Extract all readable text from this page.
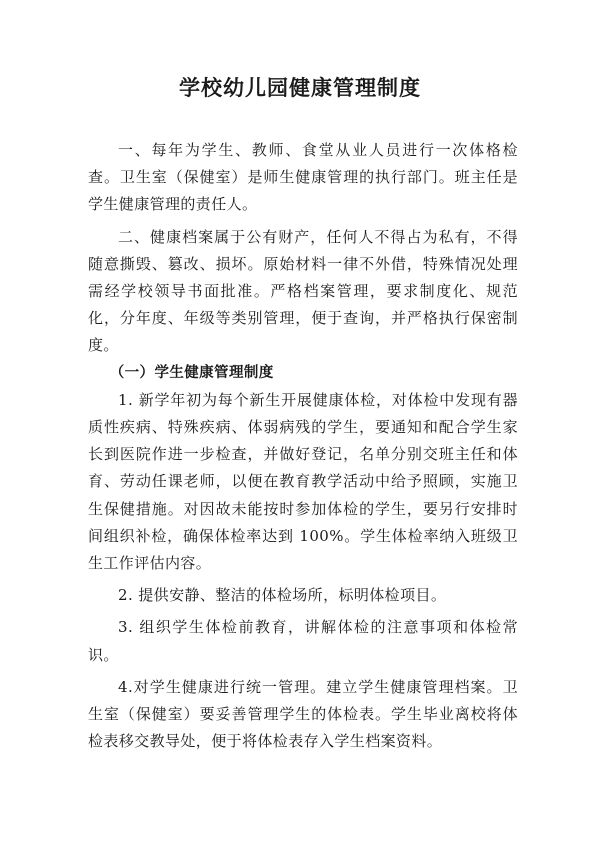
学校幼儿园健康管理制度

一、每年为学生、教师、食堂从业人员进行一次体格检查。卫生室（保健室）是师生健康管理的执行部门。班主任是学生健康管理的责任人。

二、健康档案属于公有财产，任何人不得占为私有，不得随意撕毁、篡改、损坏。原始材料一律不外借，特殊情况处理需经学校领导书面批准。严格档案管理，要求制度化、规范化，分年度、年级等类别管理，便于查询，并严格执行保密制度。

（一）学生健康管理制度

1. 新学年初为每个新生开展健康体检，对体检中发现有器质性疾病、特殊疾病、体弱病残的学生，要通知和配合学生家长到医院作进一步检查，并做好登记，名单分别交班主任和体育、劳动任课老师，以便在教育教学活动中给予照顾，实施卫生保健措施。对因故未能按时参加体检的学生，要另行安排时间组织补检，确保体检率达到 100%。学生体检率纳入班级卫生工作评估内容。

2. 提供安静、整洁的体检场所，标明体检项目。

3. 组织学生体检前教育，讲解体检的注意事项和体检常识。

4.对学生健康进行统一管理。建立学生健康管理档案。卫生室（保健室）要妥善管理学生的体检表。学生毕业离校将体检表移交教导处，便于将体检表存入学生档案资料。
